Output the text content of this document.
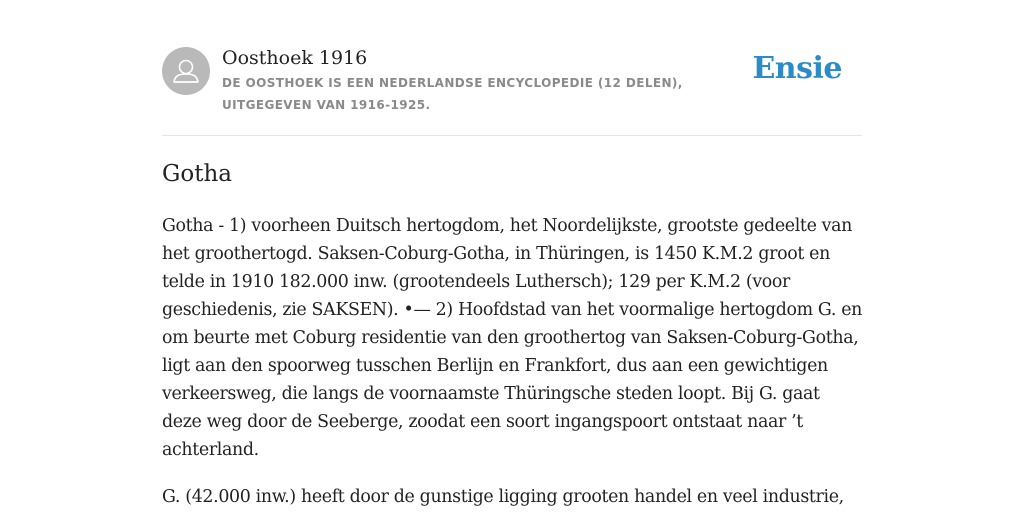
Oosthoek 1916
DE OOSTHOEK IS EEN NEDERLANDSE ENCYCLOPEDIE (12 DELEN), UITGEGEVEN VAN 1916-1925.
Ensie
Gotha

Gotha - 1) voorheen Duitsch hertogdom, het Noordelijkste, grootste gedeelte van het groothertogd. Saksen-Coburg-Gotha, in Thüringen, is 1450 K.M.2 groot en telde in 1910 182.000 inw. (grootendeels Luthersch); 129 per K.M.2 (voor geschiedenis, zie SAKSEN). •— 2) Hoofdstad van het voormalige hertogdom G. en om beurte met Coburg residentie van den groothertog van Saksen-Coburg-Gotha, ligt aan den spoorweg tusschen Berlijn en Frankfort, dus aan een gewichtigen verkeersweg, die langs de voornaamste Thüringsche steden loopt. Bij G. gaat deze weg door de Seeberge, zoodat een soort ingangspoort ontstaat naar ’t achterland.

G. (42.000 inw.) heeft door de gunstige ligging grooten handel en veel industrie,
